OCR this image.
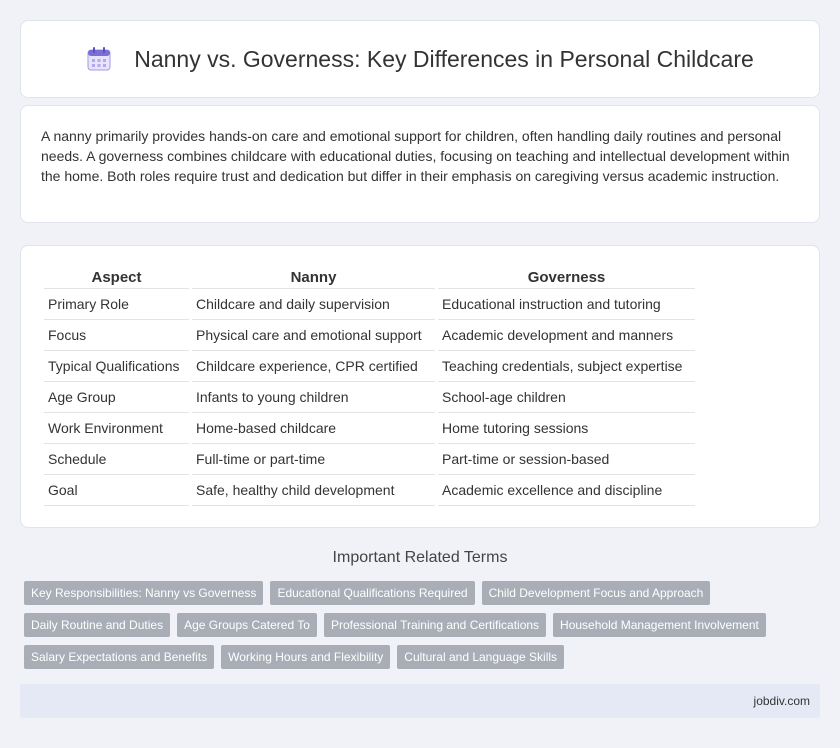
Nanny vs. Governess: Key Differences in Personal Childcare

A nanny primarily provides hands-on care and emotional support for children, often handling daily routines and personal needs. A governess combines childcare with educational duties, focusing on teaching and intellectual development within the home. Both roles require trust and dedication but differ in their emphasis on caregiving versus academic instruction.

Aspect	Nanny	Governess
Primary Role	Childcare and daily supervision	Educational instruction and tutoring
Focus	Physical care and emotional support	Academic development and manners
Typical Qualifications	Childcare experience, CPR certified	Teaching credentials, subject expertise
Age Group	Infants to young children	School-age children
Work Environment	Home-based childcare	Home tutoring sessions
Schedule	Full-time or part-time	Part-time or session-based
Goal	Safe, healthy child development	Academic excellence and discipline
Important Related Terms
Key Responsibilities: Nanny vs Governess	Educational Qualifications Required	Child Development Focus and Approach
Daily Routine and Duties	Age Groups Catered To	Professional Training and Certifications	Household Management Involvement
Salary Expectations and Benefits	Working Hours and Flexibility	Cultural and Language Skills
jobdiv.com
